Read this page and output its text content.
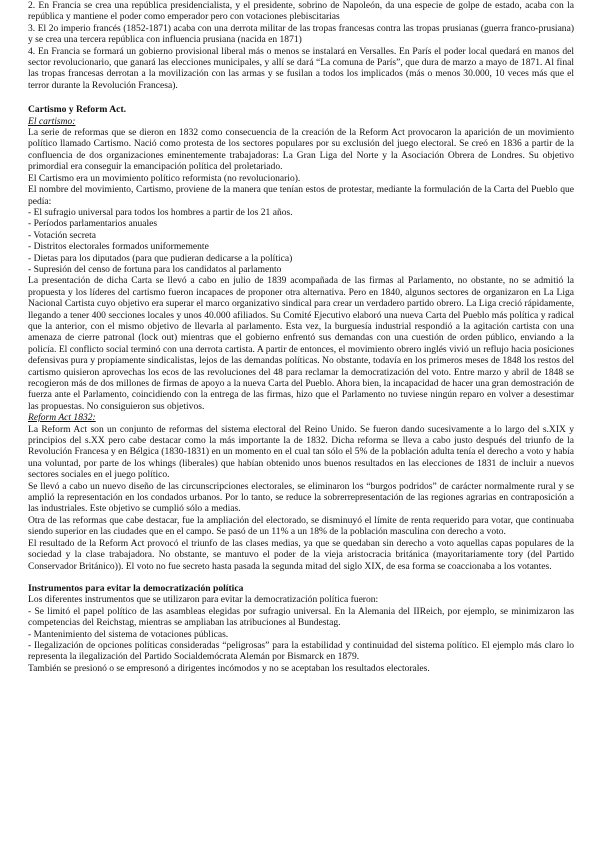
2. En Francia se crea una república presidencialista, y el presidente, sobrino de Napoleón, da una especie de golpe de estado, acaba con la república y mantiene el poder como emperador pero con votaciones plebiscitarias

3. El 2o imperio francés (1852-1871) acaba con una derrota militar de las tropas francesas contra las tropas prusianas (guerra franco-prusiana) y se crea una tercera república con influencia prusiana (nacida en 1871)

4. En Francia se formará un gobierno provisional liberal más o menos se instalará en Versalles. En París el poder local quedará en manos del sector revolucionario, que ganará las elecciones municipales, y allí se dará “La comuna de París”, que dura de marzo a mayo de 1871. Al final las tropas francesas derrotan a la movilización con las armas y se fusilan a todos los implicados (más o menos 30.000, 10 veces más que el terror durante la Revolución Francesa).

Cartismo y Reform Act.

El cartismo:

La serie de reformas que se dieron en 1832 como consecuencia de la creación de la Reform Act provocaron la aparición de un movimiento político llamado Cartismo. Nació como protesta de los sectores populares por su exclusión del juego electoral. Se creó en 1836 a partir de la confluencia de dos organizaciones eminentemente trabajadoras: La Gran Liga del Norte y la Asociación Obrera de Londres. Su objetivo primordial era conseguir la emancipación política del proletariado.

El Cartismo era un movimiento político reformista (no revolucionario).

El nombre del movimiento, Cartismo, proviene de la manera que tenían estos de protestar, mediante la formulación de la Carta del Pueblo que pedía:

- El sufragio universal para todos los hombres a partir de los 21 años.

- Períodos parlamentarios anuales

- Votación secreta

- Distritos electorales formados uniformemente

- Dietas para los diputados (para que pudieran dedicarse a la política)

- Supresión del censo de fortuna para los candidatos al parlamento

La presentación de dicha Carta se llevó a cabo en julio de 1839 acompañada de las firmas al Parlamento, no obstante, no se admitió la propuesta y los líderes del cartismo fueron incapaces de proponer otra alternativa. Pero en 1840, algunos sectores de organizaron en La Liga Nacional Cartista cuyo objetivo era superar el marco organizativo sindical para crear un verdadero partido obrero. La Liga creció rápidamente, llegando a tener 400 secciones locales y unos 40.000 afiliados. Su Comité Ejecutivo elaboró una nueva Carta del Pueblo más política y radical que la anterior, con el mismo objetivo de llevarla al parlamento. Esta vez, la burguesía industrial respondió a la agitación cartista con una amenaza de cierre patronal (lock out) mientras que el gobierno enfrentó sus demandas con una cuestión de orden público, enviando a la policía. El conflicto social terminó con una derrota cartista. A partir de entonces, el movimiento obrero inglés vivió un reflujo hacia posiciones defensivas pura y propiamente sindicalistas, lejos de las demandas políticas. No obstante, todavía en los primeros meses de 1848 los restos del cartismo quisieron aprovechas los ecos de las revoluciones del 48 para reclamar la democratización del voto. Entre marzo y abril de 1848 se recogieron más de dos millones de firmas de apoyo a la nueva Carta del Pueblo. Ahora bien, la incapacidad de hacer una gran demostración de fuerza ante el Parlamento, coincidiendo con la entrega de las firmas, hizo que el Parlamento no tuviese ningún reparo en volver a desestimar las propuestas. No consiguieron sus objetivos.

Reform Act 1832:

La Reform Act son un conjunto de reformas del sistema electoral del Reino Unido. Se fueron dando sucesivamente a lo largo del s.XIX y principios del s.XX pero cabe destacar como la más importante la de 1832. Dicha reforma se lleva a cabo justo después del triunfo de la Revolución Francesa y en Bélgica (1830-1831) en un momento en el cual tan sólo el 5% de la población adulta tenía el derecho a voto y había una voluntad, por parte de los whings (liberales) que habían obtenido unos buenos resultados en las elecciones de 1831 de incluir a nuevos sectores sociales en el juego político.

Se llevó a cabo un nuevo diseño de las circunscripciones electorales, se eliminaron los “burgos podridos” de carácter normalmente rural y se amplió la representación en los condados urbanos. Por lo tanto, se reduce la sobrerrepresentación de las regiones agrarias en contraposición a las industriales. Este objetivo se cumplió sólo a medias.

Otra de las reformas que cabe destacar, fue la ampliación del electorado, se disminuyó el límite de renta requerido para votar, que continuaba siendo superior en las ciudades que en el campo. Se pasó de un 11% a un 18% de la población masculina con derecho a voto.

El resultado de la Reform Act provocó el triunfo de las clases medias, ya que se quedaban sin derecho a voto aquellas capas populares de la sociedad y la clase trabajadora. No obstante, se mantuvo el poder de la vieja aristocracia británica (mayoritariamente tory (del Partido Conservador Británico)). El voto no fue secreto hasta pasada la segunda mitad del siglo XIX, de esa forma se coaccionaba a los votantes.

Instrumentos para evitar la democratización política

Los diferentes instrumentos que se utilizaron para evitar la democratización política fueron:

- Se limitó el papel político de las asambleas elegidas por sufragio universal. En la Alemania del IIReich, por ejemplo, se minimizaron las competencias del Reichstag, mientras se ampliaban las atribuciones al Bundestag.

- Mantenimiento del sistema de votaciones públicas.

- Ilegalización de opciones políticas consideradas “peligrosas” para la estabilidad y continuidad del sistema político. El ejemplo más claro lo representa la ilegalización del Partido Socialdemócrata Alemán por Bismarck en 1879.

También se presionó o se empresonó a dirigentes incómodos y no se aceptaban los resultados electorales.
